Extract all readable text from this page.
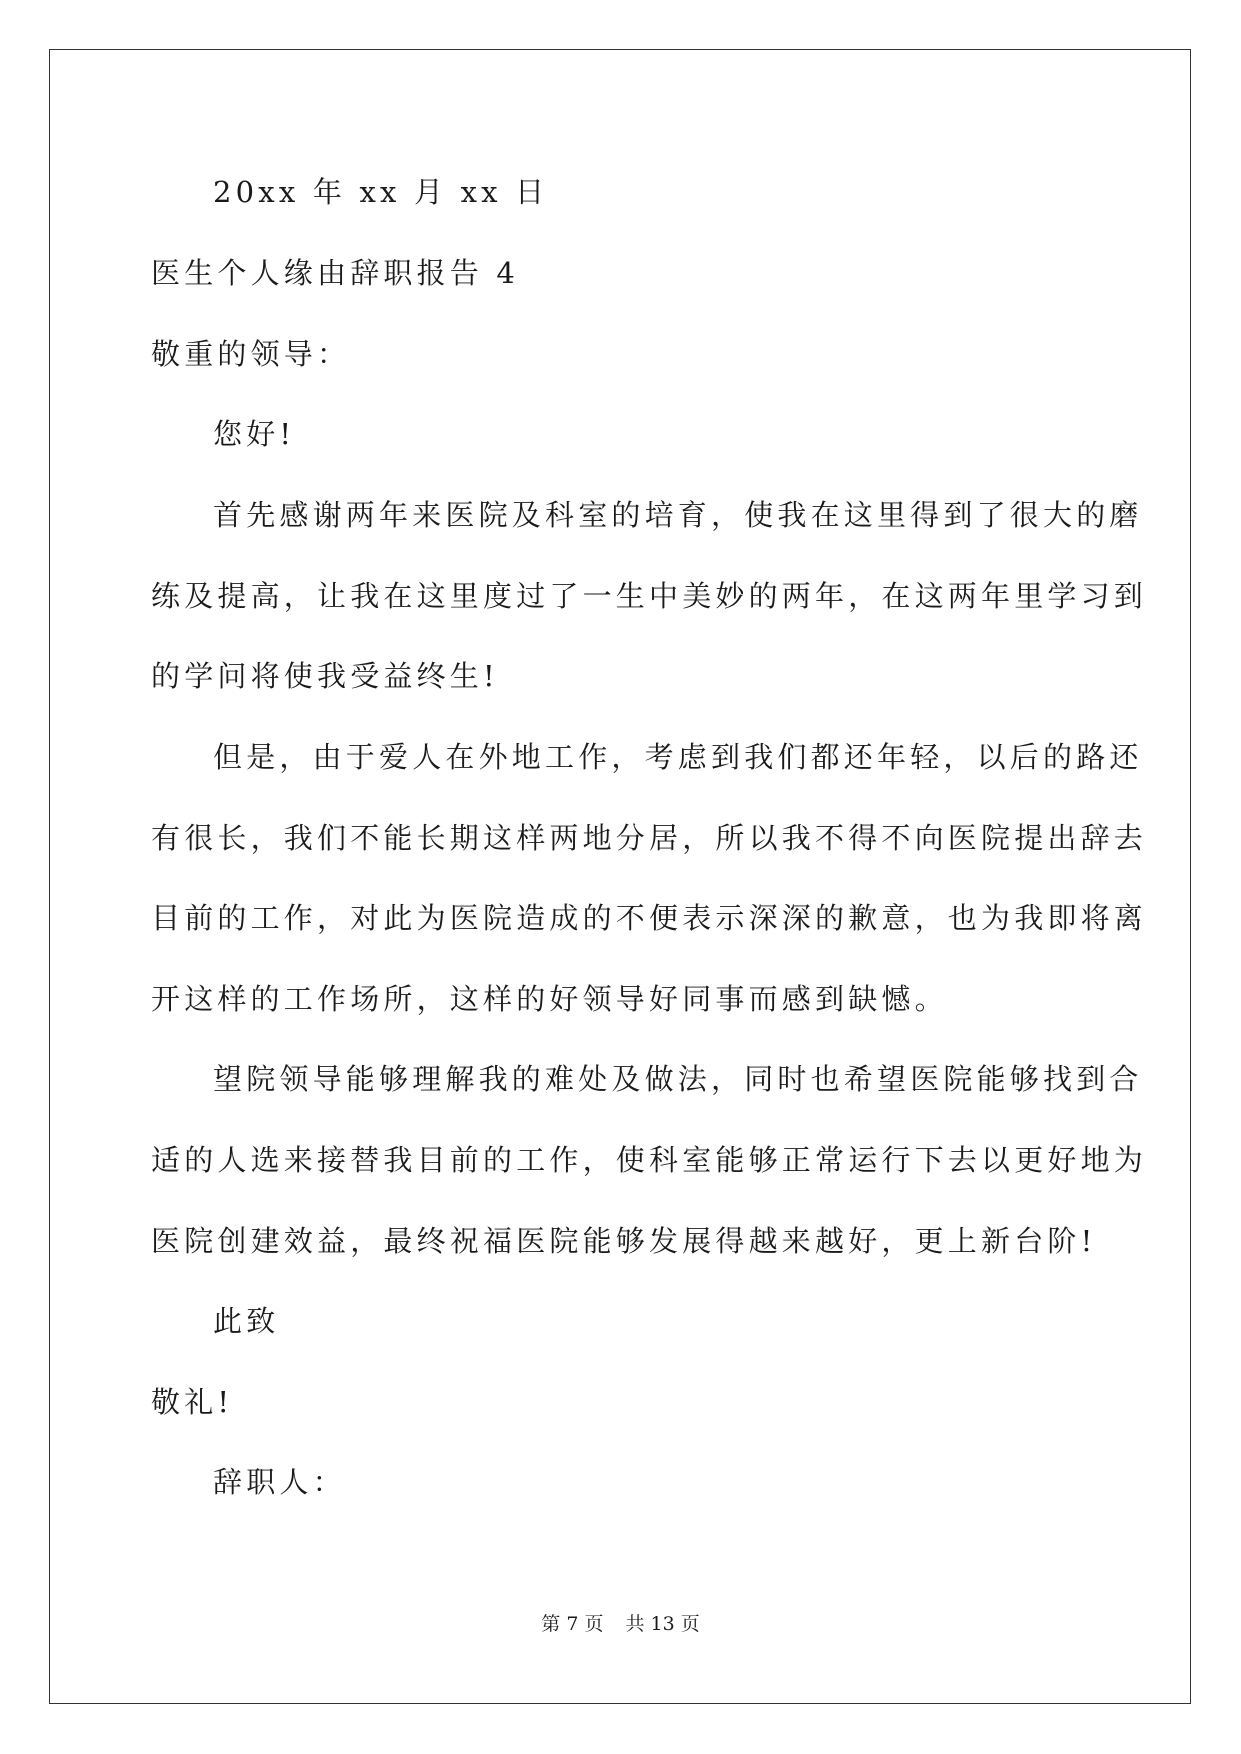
20xx 年 xx 月 xx 日
医生个人缘由辞职报告 4
敬重的领导：
您好!
首先感谢两年来医院及科室的培育，使我在这里得到了很大的磨
练及提高，让我在这里度过了一生中美妙的两年，在这两年里学习到
的学问将使我受益终生!
但是，由于爱人在外地工作，考虑到我们都还年轻，以后的路还
有很长，我们不能长期这样两地分居，所以我不得不向医院提出辞去
目前的工作，对此为医院造成的不便表示深深的歉意，也为我即将离
开这样的工作场所，这样的好领导好同事而感到缺憾。
望院领导能够理解我的难处及做法，同时也希望医院能够找到合
适的人选来接替我目前的工作，使科室能够正常运行下去以更好地为
医院创建效益，最终祝福医院能够发展得越来越好，更上新台阶!
此致
敬礼!
辞职人：
第 7 页 共 13 页
